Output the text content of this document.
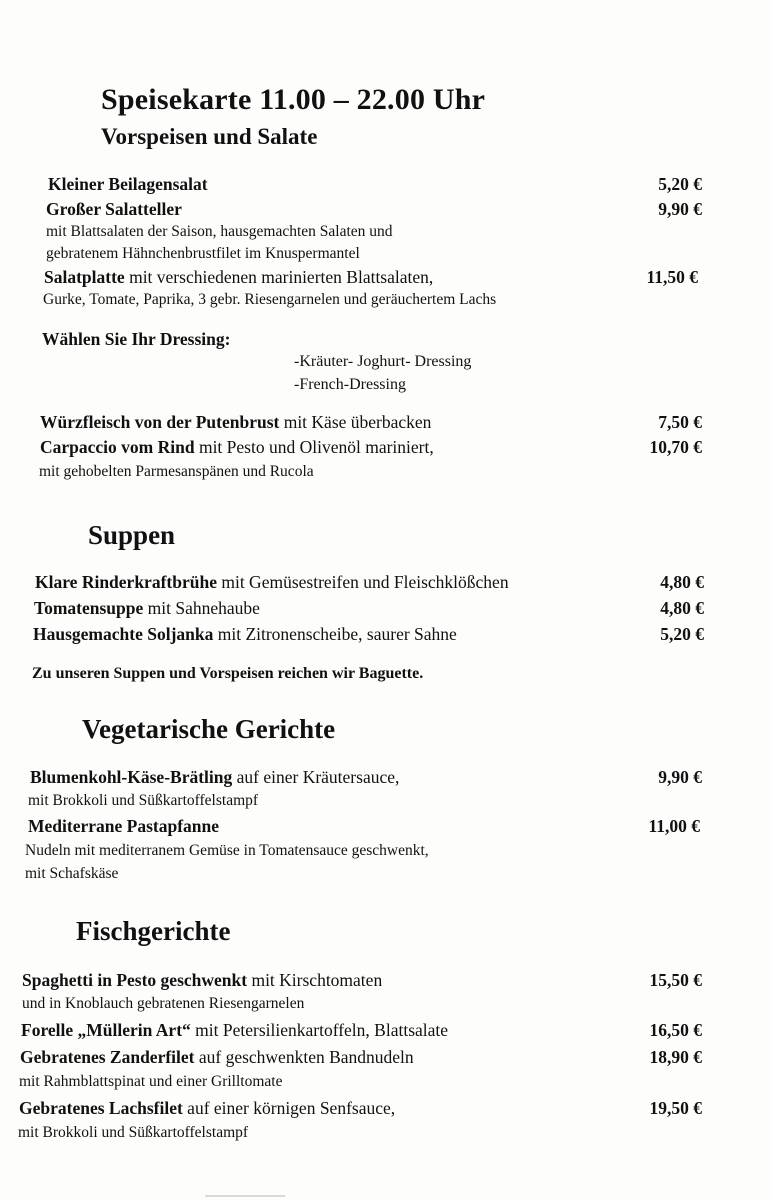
Speisekarte 11.00 – 22.00 Uhr
Vorspeisen und Salate
Kleiner Beilagensalat	5,20 €
Großer Salatteller	9,90 €
mit Blattsalaten der Saison, hausgemachten Salaten und
gebratenem Hähnchenbrustfilet im Knuspermantel
Salatplatte mit verschiedenen marinierten Blattsalaten,	11,50 €
Gurke, Tomate, Paprika, 3 gebr. Riesengarnelen und geräuchertem Lachs
Wählen Sie Ihr Dressing:
-Kräuter- Joghurt- Dressing
-French-Dressing
Würzfleisch von der Putenbrust mit Käse überbacken	7,50 €
Carpaccio vom Rind mit Pesto und Olivenöl mariniert,	10,70 €
mit gehobelten Parmesanspänen und Rucola
Suppen
Klare Rinderkraftbrühe mit Gemüsestreifen und Fleischklößchen	4,80 €
Tomatensuppe mit Sahnehaube	4,80 €
Hausgemachte Soljanka mit Zitronenscheibe, saurer Sahne	5,20 €
Zu unseren Suppen und Vorspeisen reichen wir Baguette.
Vegetarische Gerichte
Blumenkohl-Käse-Brätling auf einer Kräutersauce,	9,90 €
mit Brokkoli und Süßkartoffelstampf
Mediterrane Pastapfanne	11,00 €
Nudeln mit mediterranem Gemüse in Tomatensauce geschwenkt,
mit Schafskäse
Fischgerichte
Spaghetti in Pesto geschwenkt mit Kirschtomaten	15,50 €
und in Knoblauch gebratenen Riesengarnelen
Forelle „Müllerin Art“ mit Petersilienkartoffeln, Blattsalate	16,50 €
Gebratenes Zanderfilet auf geschwenkten Bandnudeln	18,90 €
mit Rahmblattspinat und einer Grilltomate
Gebratenes Lachsfilet auf einer körnigen Senfsauce,	19,50 €
mit Brokkoli und Süßkartoffelstampf
